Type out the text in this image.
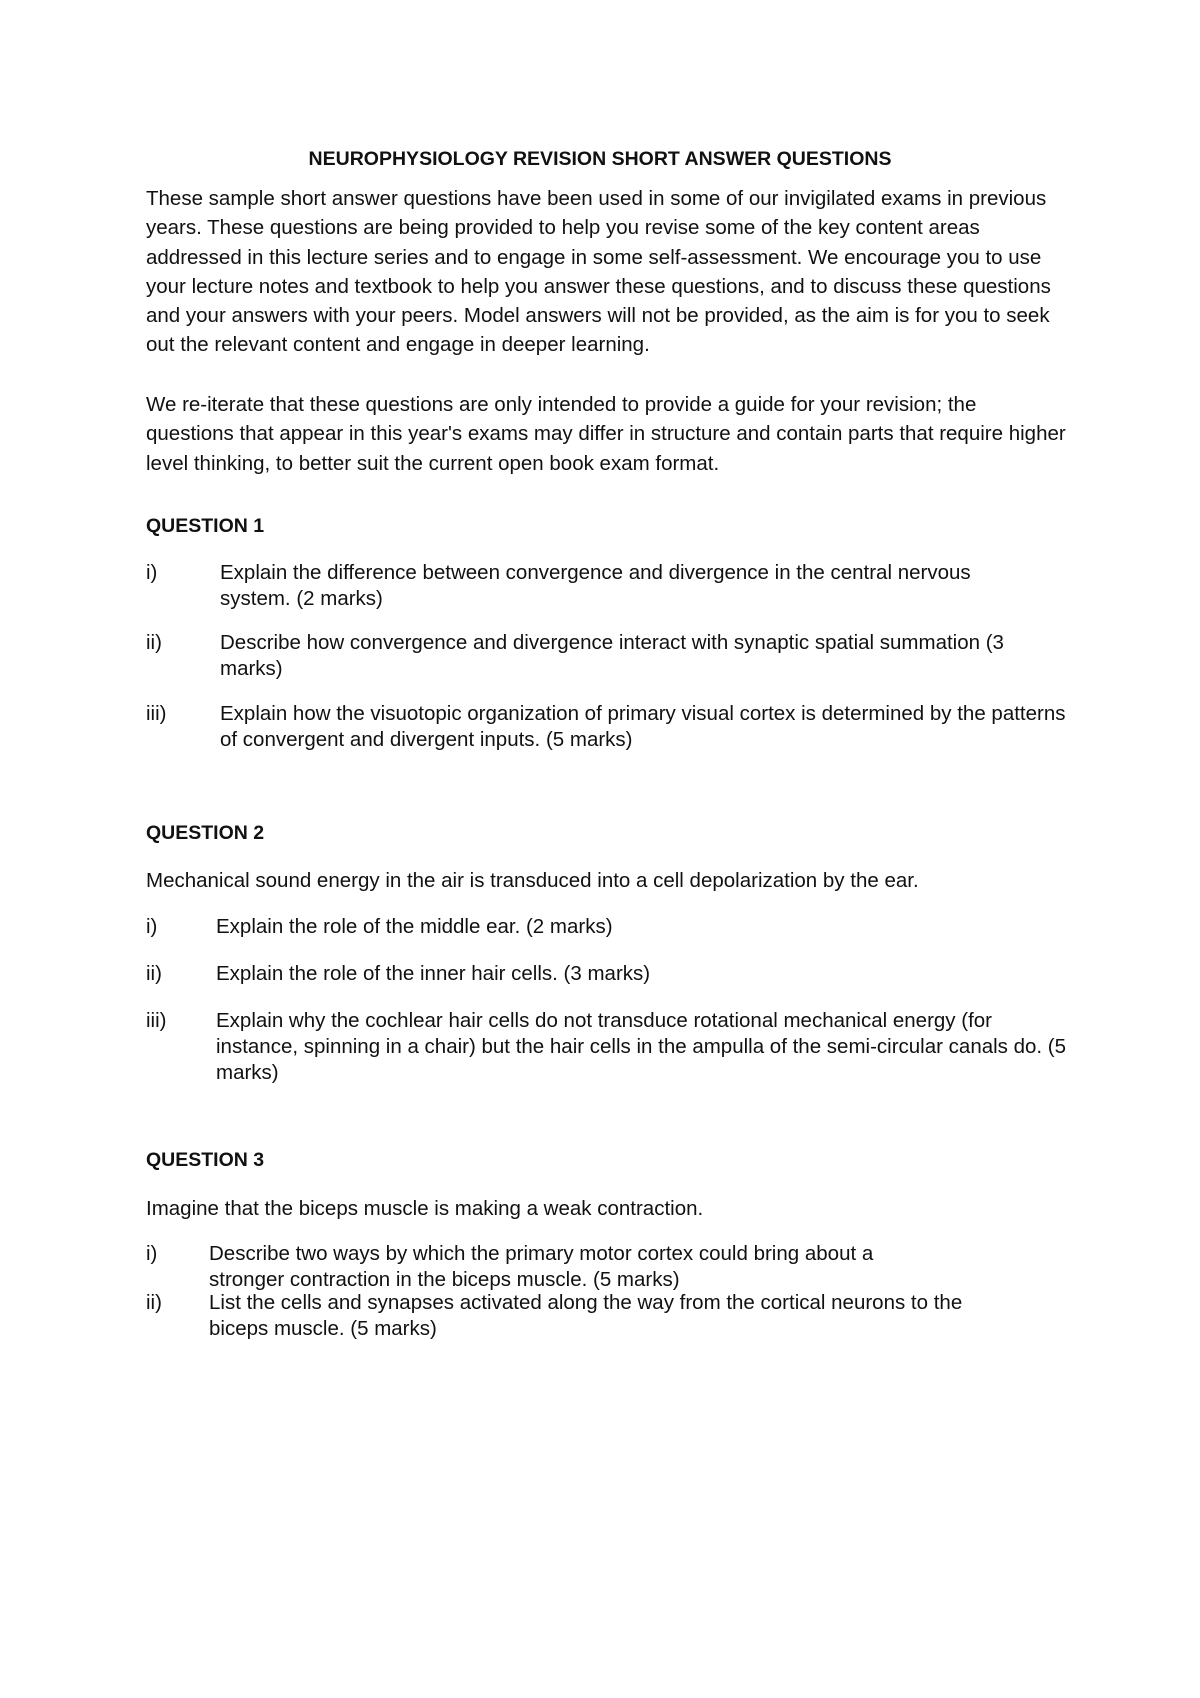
NEUROPHYSIOLOGY REVISION SHORT ANSWER QUESTIONS
These sample short answer questions have been used in some of our invigilated exams in previous years. These questions are being provided to help you revise some of the key content areas addressed in this lecture series and to engage in some self-assessment. We encourage you to use your lecture notes and textbook to help you answer these questions, and to discuss these questions and your answers with your peers. Model answers will not be provided, as the aim is for you to seek out the relevant content and engage in deeper learning.
We re-iterate that these questions are only intended to provide a guide for your revision; the questions that appear in this year's exams may differ in structure and contain parts that require higher level thinking, to better suit the current open book exam format.
QUESTION 1
i)	Explain the difference between convergence and divergence in the central nervous system. (2 marks)
ii)	Describe how convergence and divergence interact with synaptic spatial summation (3 marks)
iii)	Explain how the visuotopic organization of primary visual cortex is determined by the patterns of convergent and divergent inputs. (5 marks)
QUESTION 2
Mechanical sound energy in the air is transduced into a cell depolarization by the ear.
i)	Explain the role of the middle ear. (2 marks)
ii)	Explain the role of the inner hair cells. (3 marks)
iii) Explain why the cochlear hair cells do not transduce rotational mechanical energy (for instance, spinning in a chair) but the hair cells in the ampulla of the semi-circular canals do. (5 marks)
QUESTION 3
Imagine that the biceps muscle is making a weak contraction.
i)	Describe two ways by which the primary motor cortex could bring about a stronger contraction in the biceps muscle. (5 marks)
ii) List the cells and synapses activated along the way from the cortical neurons to the biceps muscle. (5 marks)
